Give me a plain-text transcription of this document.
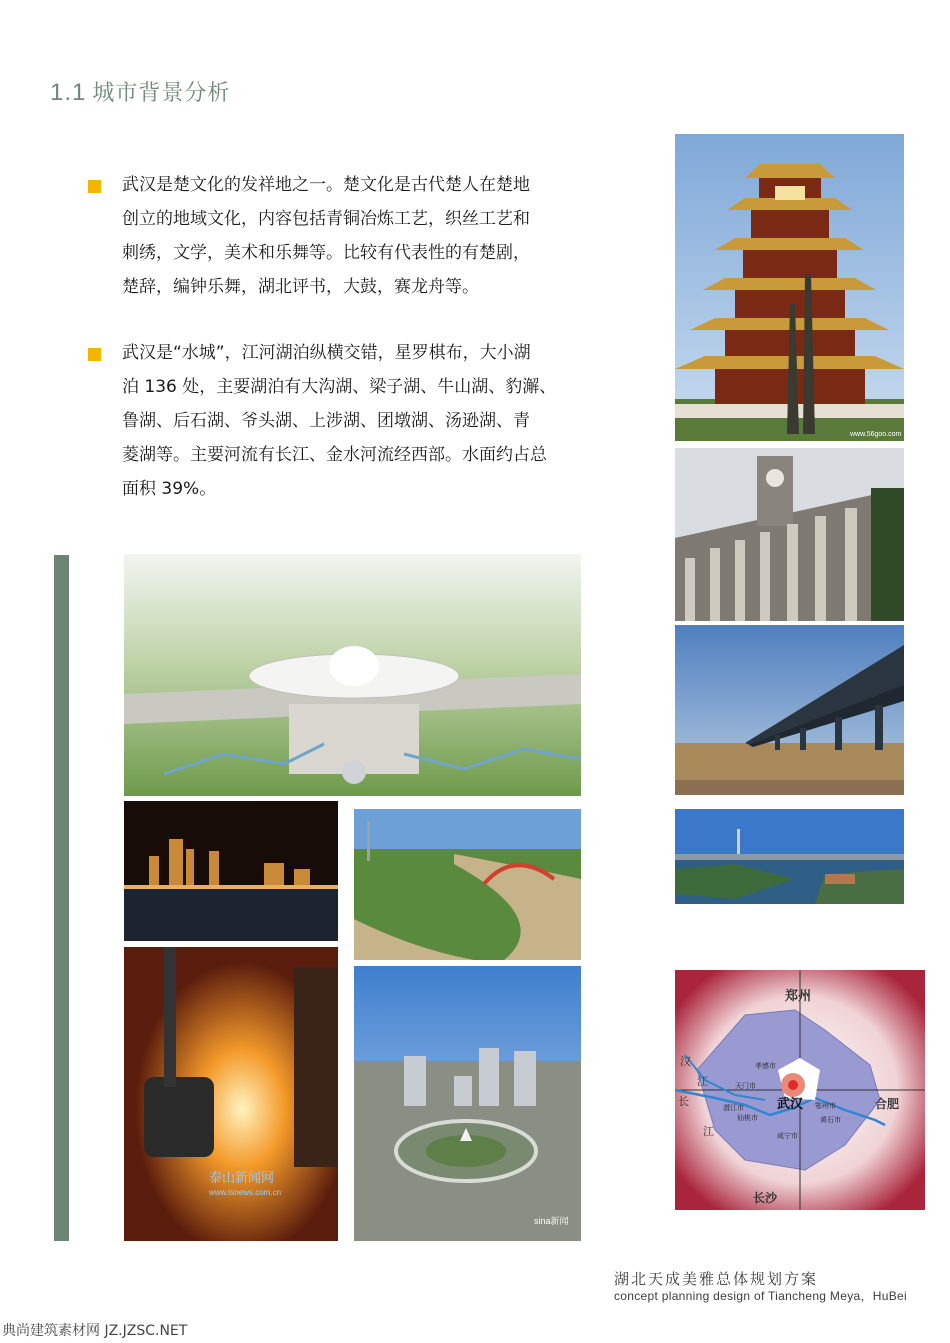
1.1 城市背景分析
武汉是楚文化的发祥地之一。楚文化是古代楚人在楚地
创立的地域文化，内容包括青铜冶炼工艺，织丝工艺和
刺绣，文学，美术和乐舞等。比较有代表性的有楚剧，
楚辞，编钟乐舞，湖北评书，大鼓，赛龙舟等。
武汉是“水城”，江河湖泊纵横交错，星罗棋布，大小湖
泊 136 处，主要湖泊有大沟湖、梁子湖、牛山湖、豹澥、
鲁湖、后石湖、爷头湖、上涉湖、团墩湖、汤逊湖、青
菱湖等。主要河流有长江、金水河流经西部。水面约占总
面积 39%。
www.56goo.com
郑州
合肥
长沙
武汉
汉
江
长
江
孝感市
天门市
潜江市
仙桃市
鄂州市
黄石市
咸宁市
泰山新闻网
www.tsnews.com.cn
sina新闻
湖北天成美雅总体规划方案
concept planning design of Tiancheng Meya，HuBei
典尚建筑素材网 JZ.JZSC.NET
